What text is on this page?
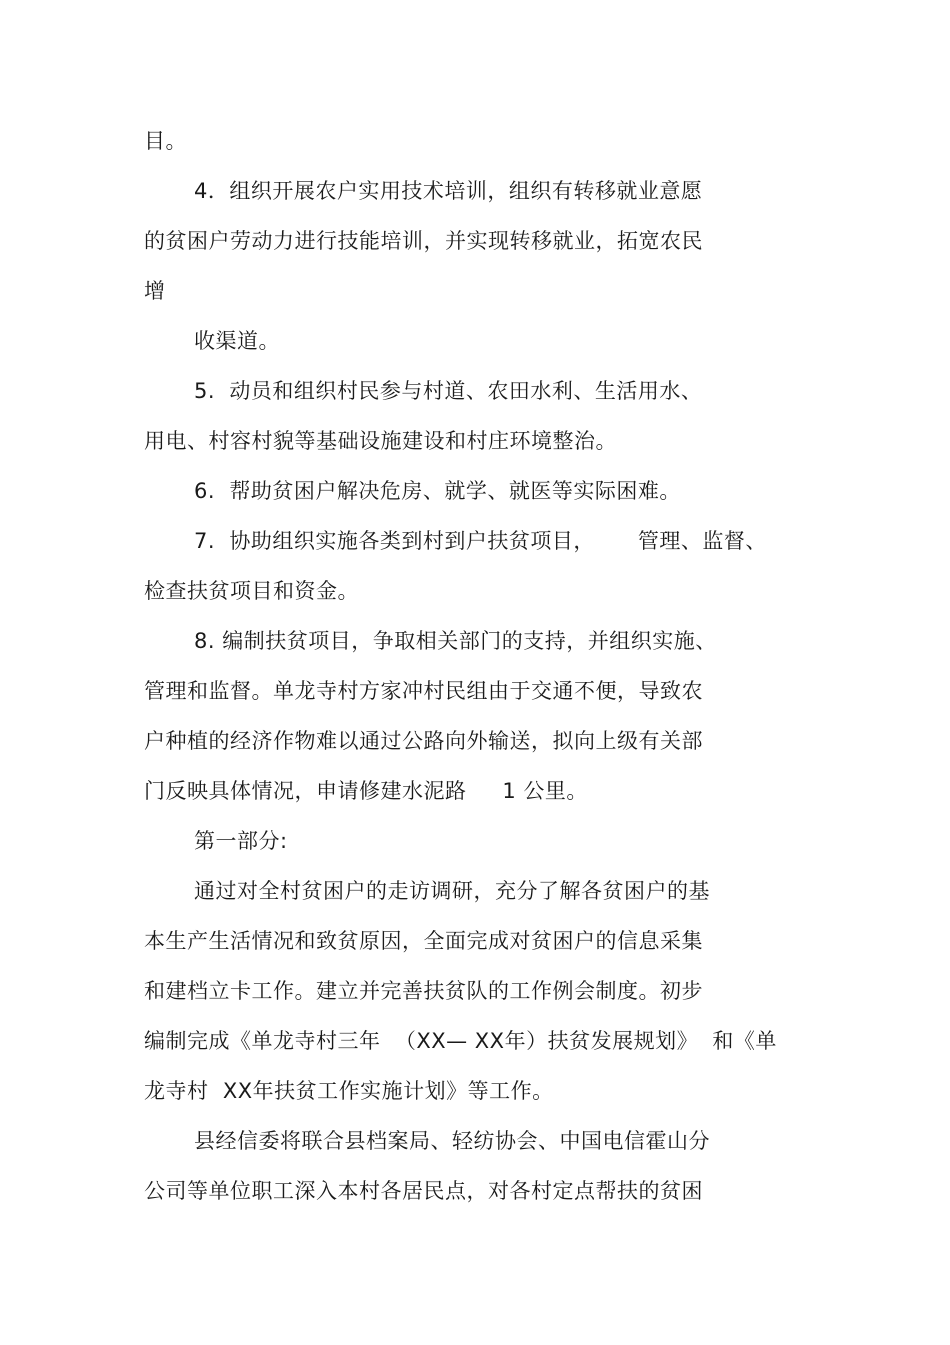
目。
4．组织开展农户实用技术培训，组织有转移就业意愿
的贫困户劳动力进行技能培训，并实现转移就业，拓宽农民
增
收渠道。
5.  动员和组织村民参与村道、农田水利、生活用水、
用电、村容村貌等基础设施建设和村庄环境整治。
6.  帮助贫困户解决危房、就学、就医等实际困难。
7.  协助组织实施各类到村到户扶贫项目，      管理、监督、
检查扶贫项目和资金。
8. 编制扶贫项目，争取相关部门的支持，并组织实施、
管理和监督。单龙寺村方家冲村民组由于交通不便，导致农
户种植的经济作物难以通过公路向外输送，拟向上级有关部
门反映具体情况，申请修建水泥路     1 公里。
第一部分:
通过对全村贫困户的走访调研，充分了解各贫困户的基
本生产生活情况和致贫原因，全面完成对贫困户的信息采集
和建档立卡工作。建立并完善扶贫队的工作例会制度。初步
编制完成《单龙寺村三年  （XX— XX年）扶贫发展规划》  和《单
龙寺村  XX年扶贫工作实施计划》等工作。
县经信委将联合县档案局、轻纺协会、中国电信霍山分
公司等单位职工深入本村各居民点，对各村定点帮扶的贫困
